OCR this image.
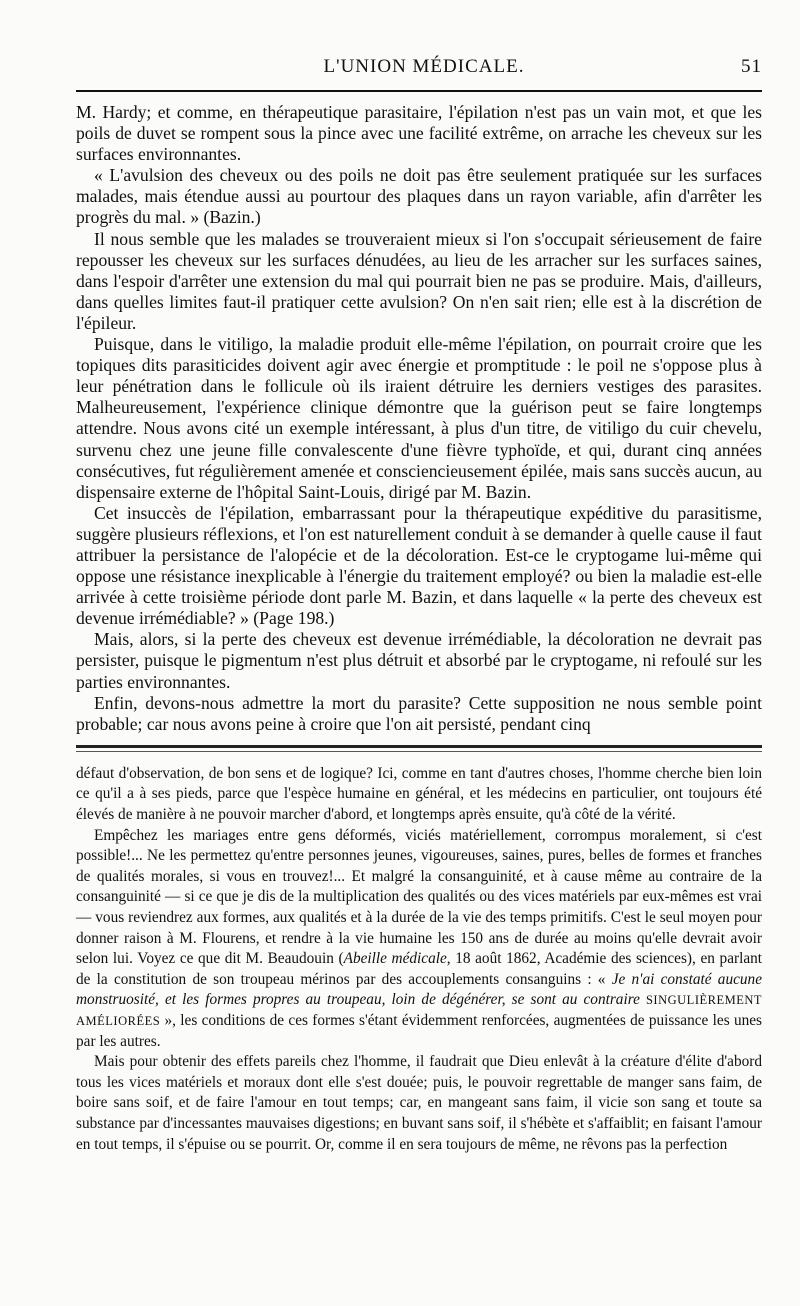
L'UNION MÉDICALE.	51

M. Hardy; et comme, en thérapeutique parasitaire, l'épilation n'est pas un vain mot, et que les poils de duvet se rompent sous la pince avec une facilité extrême, on arrache les cheveux sur les surfaces environnantes.

« L'avulsion des cheveux ou des poils ne doit pas être seulement pratiquée sur les surfaces malades, mais étendue aussi au pourtour des plaques dans un rayon variable, afin d'arrêter les progrès du mal. » (Bazin.)

Il nous semble que les malades se trouveraient mieux si l'on s'occupait sérieusement de faire repousser les cheveux sur les surfaces dénudées, au lieu de les arracher sur les surfaces saines, dans l'espoir d'arrêter une extension du mal qui pourrait bien ne pas se produire. Mais, d'ailleurs, dans quelles limites faut-il pratiquer cette avulsion? On n'en sait rien; elle est à la discrétion de l'épileur.

Puisque, dans le vitiligo, la maladie produit elle-même l'épilation, on pourrait croire que les topiques dits parasiticides doivent agir avec énergie et promptitude : le poil ne s'oppose plus à leur pénétration dans le follicule où ils iraient détruire les derniers vestiges des parasites. Malheureusement, l'expérience clinique démontre que la guérison peut se faire longtemps attendre. Nous avons cité un exemple intéressant, à plus d'un titre, de vitiligo du cuir chevelu, survenu chez une jeune fille convalescente d'une fièvre typhoïde, et qui, durant cinq années consécutives, fut régulièrement amenée et consciencieusement épilée, mais sans succès aucun, au dispensaire externe de l'hôpital Saint-Louis, dirigé par M. Bazin.

Cet insuccès de l'épilation, embarrassant pour la thérapeutique expéditive du parasitisme, suggère plusieurs réflexions, et l'on est naturellement conduit à se demander à quelle cause il faut attribuer la persistance de l'alopécie et de la décoloration. Est-ce le cryptogame lui-même qui oppose une résistance inexplicable à l'énergie du traitement employé? ou bien la maladie est-elle arrivée à cette troisième période dont parle M. Bazin, et dans laquelle « la perte des cheveux est devenue irrémédiable? » (Page 198.)

Mais, alors, si la perte des cheveux est devenue irrémédiable, la décoloration ne devrait pas persister, puisque le pigmentum n'est plus détruit et absorbé par le cryptogame, ni refoulé sur les parties environnantes.

Enfin, devons-nous admettre la mort du parasite? Cette supposition ne nous semble point probable; car nous avons peine à croire que l'on ait persisté, pendant cinq

défaut d'observation, de bon sens et de logique? Ici, comme en tant d'autres choses, l'homme cherche bien loin ce qu'il a à ses pieds, parce que l'espèce humaine en général, et les médecins en particulier, ont toujours été élevés de manière à ne pouvoir marcher d'abord, et longtemps après ensuite, qu'à côté de la vérité.

Empêchez les mariages entre gens déformés, viciés matériellement, corrompus moralement, si c'est possible!... Ne les permettez qu'entre personnes jeunes, vigoureuses, saines, pures, belles de formes et franches de qualités morales, si vous en trouvez!... Et malgré la consanguinité, et à cause même au contraire de la consanguinité — si ce que je dis de la multiplication des qualités ou des vices matériels par eux-mêmes est vrai — vous reviendrez aux formes, aux qualités et à la durée de la vie des temps primitifs. C'est le seul moyen pour donner raison à M. Flourens, et rendre à la vie humaine les 150 ans de durée au moins qu'elle devrait avoir selon lui. Voyez ce que dit M. Beaudouin (Abeille médicale, 18 août 1862, Académie des sciences), en parlant de la constitution de son troupeau mérinos par des accouplements consanguins : « Je n'ai constaté aucune monstruosité, et les formes propres au troupeau, loin de dégénérer, se sont au contraire SINGULIÈREMENT AMÉLIORÉES », les conditions de ces formes s'étant évidemment renforcées, augmentées de puissance les unes par les autres.

Mais pour obtenir des effets pareils chez l'homme, il faudrait que Dieu enlevât à la créature d'élite d'abord tous les vices matériels et moraux dont elle s'est douée; puis, le pouvoir regrettable de manger sans faim, de boire sans soif, et de faire l'amour en tout temps; car, en mangeant sans faim, il vicie son sang et toute sa substance par d'incessantes mauvaises digestions; en buvant sans soif, il s'hébète et s'affaiblit; en faisant l'amour en tout temps, il s'épuise ou se pourrit. Or, comme il en sera toujours de même, ne rêvons pas la perfection
